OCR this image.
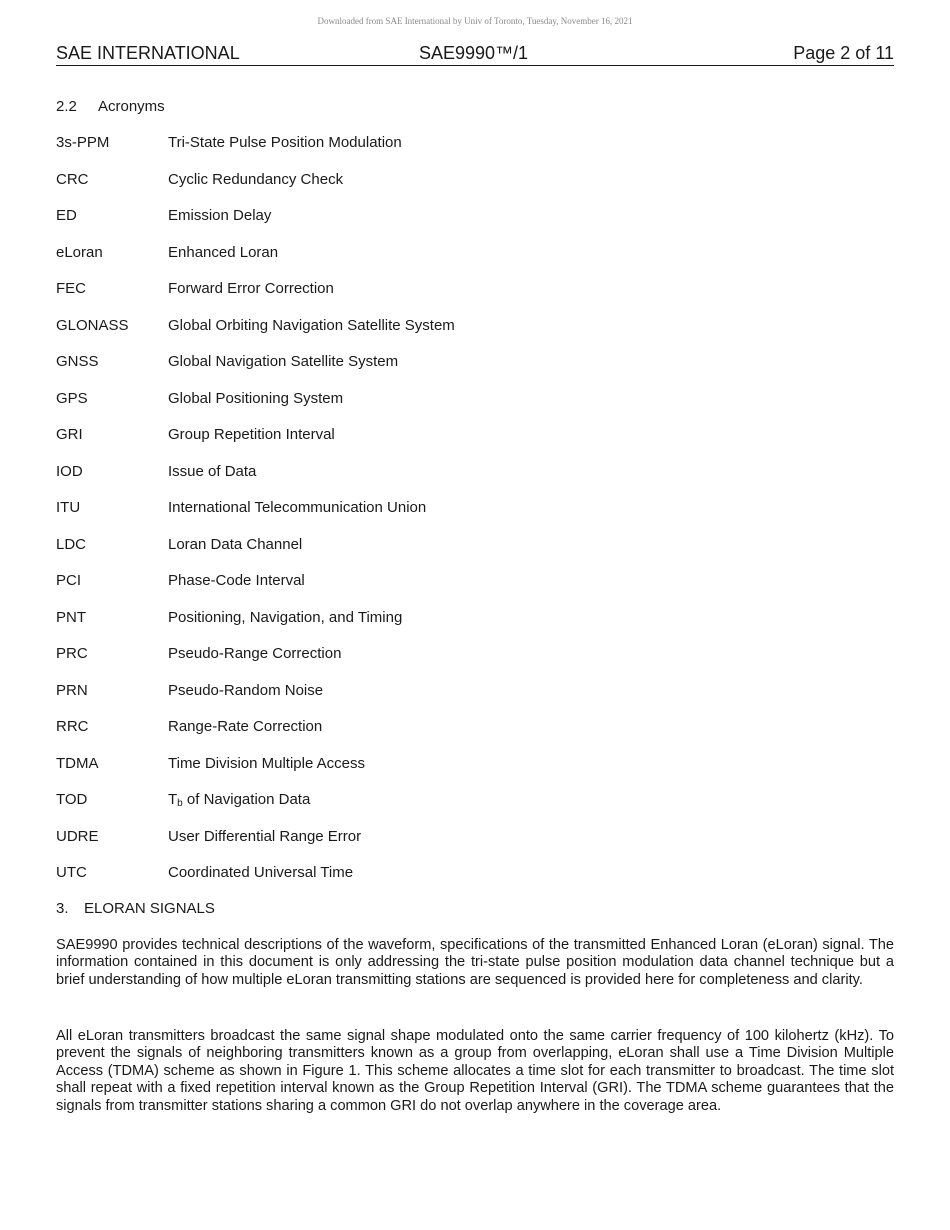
Downloaded from SAE International by Univ of Toronto, Tuesday, November 16, 2021
SAE INTERNATIONAL	SAE9990™/1	Page 2 of 11
2.2 Acronyms
3s-PPM	Tri-State Pulse Position Modulation
CRC	Cyclic Redundancy Check
ED	Emission Delay
eLoran	Enhanced Loran
FEC	Forward Error Correction
GLONASS	Global Orbiting Navigation Satellite System
GNSS	Global Navigation Satellite System
GPS	Global Positioning System
GRI	Group Repetition Interval
IOD	Issue of Data
ITU	International Telecommunication Union
LDC	Loran Data Channel
PCI	Phase-Code Interval
PNT	Positioning, Navigation, and Timing
PRC	Pseudo-Range Correction
PRN	Pseudo-Random Noise
RRC	Range-Rate Correction
TDMA	Time Division Multiple Access
TOD	$T_b$ of Navigation Data
UDRE	User Differential Range Error
UTC	Coordinated Universal Time
3. ELORAN SIGNALS

SAE9990 provides technical descriptions of the waveform, specifications of the transmitted Enhanced Loran (eLoran) signal. The information contained in this document is only addressing the tri-state pulse position modulation data channel technique but a brief understanding of how multiple eLoran transmitting stations are sequenced is provided here for completeness and clarity.

All eLoran transmitters broadcast the same signal shape modulated onto the same carrier frequency of 100 kilohertz (kHz). To prevent the signals of neighboring transmitters known as a group from overlapping, eLoran shall use a Time Division Multiple Access (TDMA) scheme as shown in Figure 1. This scheme allocates a time slot for each transmitter to broadcast. The time slot shall repeat with a fixed repetition interval known as the Group Repetition Interval (GRI). The TDMA scheme guarantees that the signals from transmitter stations sharing a common GRI do not overlap anywhere in the coverage area.
